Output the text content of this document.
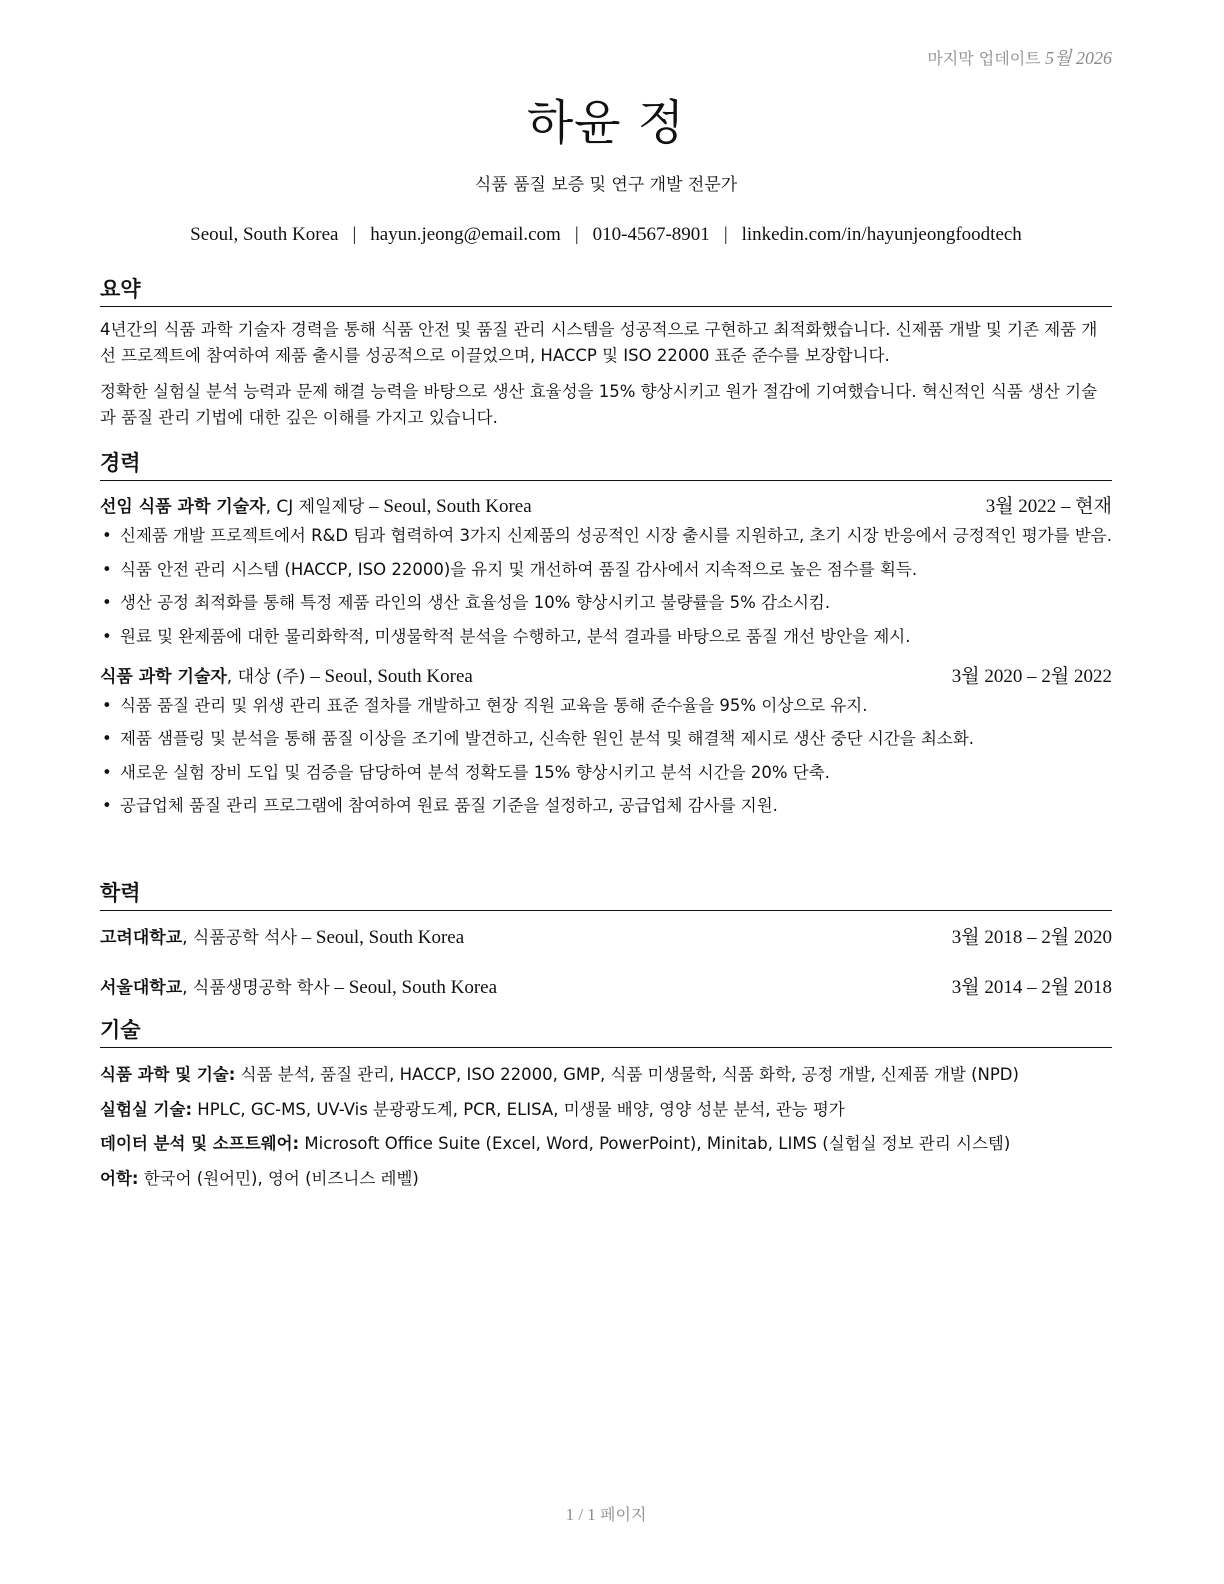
마지막 업데이트 5월 2026
하윤 정
식품 품질 보증 및 연구 개발 전문가
Seoul, South Korea | hayun.jeong@email.com | 010-4567-8901 | linkedin.com/in/hayunjeongfoodtech
요약

4년간의 식품 과학 기술자 경력을 통해 식품 안전 및 품질 관리 시스템을 성공적으로 구현하고 최적화했습니다. 신제품 개발 및 기존 제품 개선 프로젝트에 참여하여 제품 출시를 성공적으로 이끌었으며, HACCP 및 ISO 22000 표준 준수를 보장합니다.

정확한 실험실 분석 능력과 문제 해결 능력을 바탕으로 생산 효율성을 15% 향상시키고 원가 절감에 기여했습니다. 혁신적인 식품 생산 기술과 품질 관리 기법에 대한 깊은 이해를 가지고 있습니다.

경력
선임 식품 과학 기술자, CJ 제일제당 – Seoul, South Korea	3월 2022 – 현재
• 신제품 개발 프로젝트에서 R&D 팀과 협력하여 3가지 신제품의 성공적인 시장 출시를 지원하고, 초기 시장 반응에서 긍정적인 평가를 받음.
• 식품 안전 관리 시스템 (HACCP, ISO 22000)을 유지 및 개선하여 품질 감사에서 지속적으로 높은 점수를 획득.
• 생산 공정 최적화를 통해 특정 제품 라인의 생산 효율성을 10% 향상시키고 불량률을 5% 감소시킴.
• 원료 및 완제품에 대한 물리화학적, 미생물학적 분석을 수행하고, 분석 결과를 바탕으로 품질 개선 방안을 제시.
식품 과학 기술자, 대상 (주) – Seoul, South Korea	3월 2020 – 2월 2022
• 식품 품질 관리 및 위생 관리 표준 절차를 개발하고 현장 직원 교육을 통해 준수율을 95% 이상으로 유지.
• 제품 샘플링 및 분석을 통해 품질 이상을 조기에 발견하고, 신속한 원인 분석 및 해결책 제시로 생산 중단 시간을 최소화.
• 새로운 실험 장비 도입 및 검증을 담당하여 분석 정확도를 15% 향상시키고 분석 시간을 20% 단축.
• 공급업체 품질 관리 프로그램에 참여하여 원료 품질 기준을 설정하고, 공급업체 감사를 지원.
학력
고려대학교, 식품공학 석사 – Seoul, South Korea	3월 2018 – 2월 2020
서울대학교, 식품생명공학 학사 – Seoul, South Korea	3월 2014 – 2월 2018
기술
식품 과학 및 기술: 식품 분석, 품질 관리, HACCP, ISO 22000, GMP, 식품 미생물학, 식품 화학, 공정 개발, 신제품 개발 (NPD)
실험실 기술: HPLC, GC-MS, UV-Vis 분광광도계, PCR, ELISA, 미생물 배양, 영양 성분 분석, 관능 평가
데이터 분석 및 소프트웨어: Microsoft Office Suite (Excel, Word, PowerPoint), Minitab, LIMS (실험실 정보 관리 시스템)
어학: 한국어 (원어민), 영어 (비즈니스 레벨)
1 / 1 페이지
